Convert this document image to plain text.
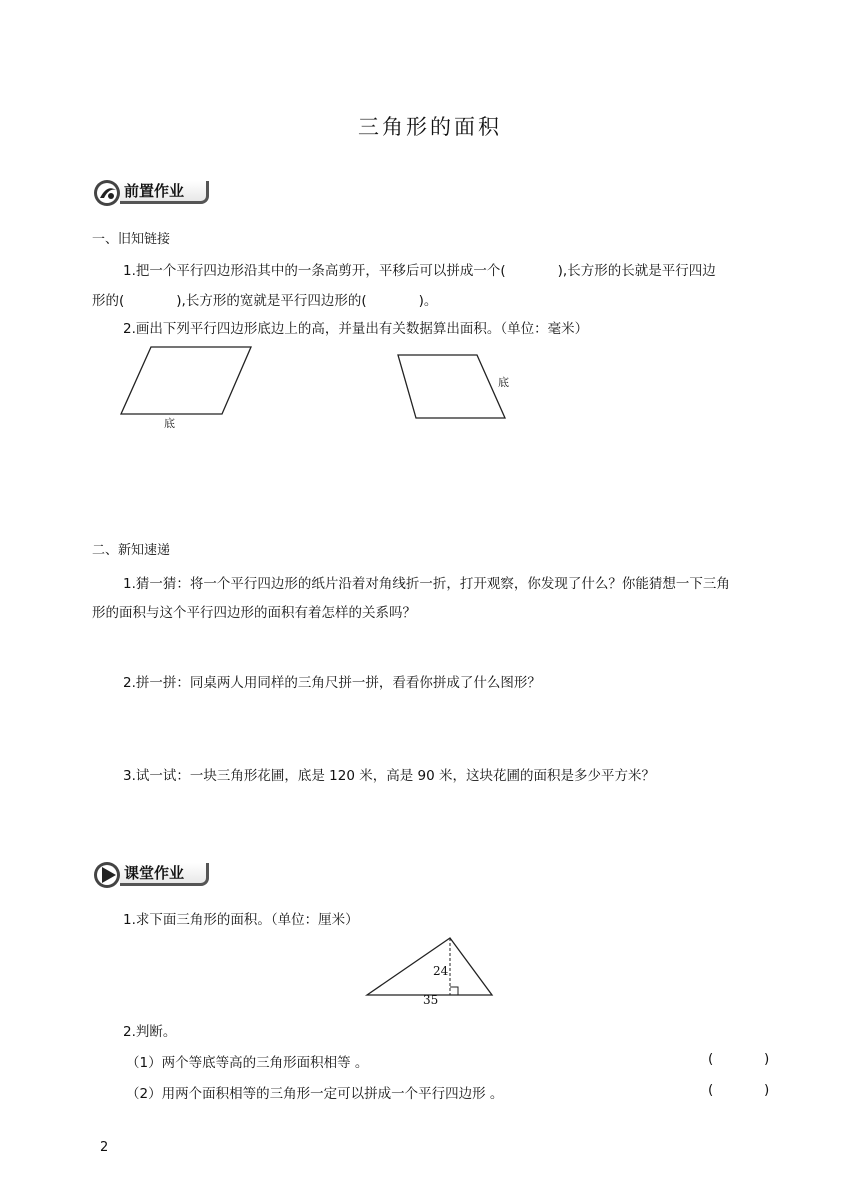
三角形的面积
前置作业
一、旧知链接
1.把一个平行四边形沿其中的一条高剪开，平移后可以拼成一个(	),长方形的长就是平行四边
形的(	),长方形的宽就是平行四边形的(	)。
2.画出下列平行四边形底边上的高，并量出有关数据算出面积。（单位：毫米）
底
底
二、新知速递
1.猜一猜：将一个平行四边形的纸片沿着对角线折一折，打开观察，你发现了什么？你能猜想一下三角
形的面积与这个平行四边形的面积有着怎样的关系吗？
2.拼一拼：同桌两人用同样的三角尺拼一拼，看看你拼成了什么图形？
3.试一试：一块三角形花圃，底是 120 米，高是 90 米，这块花圃的面积是多少平方米？
课堂作业
1.求下面三角形的面积。（单位：厘米）
24
35
2.判断。
（1）两个等底等高的三角形面积相等 。	(	)
（2）用两个面积相等的三角形一定可以拼成一个平行四边形 。	(	)
2
